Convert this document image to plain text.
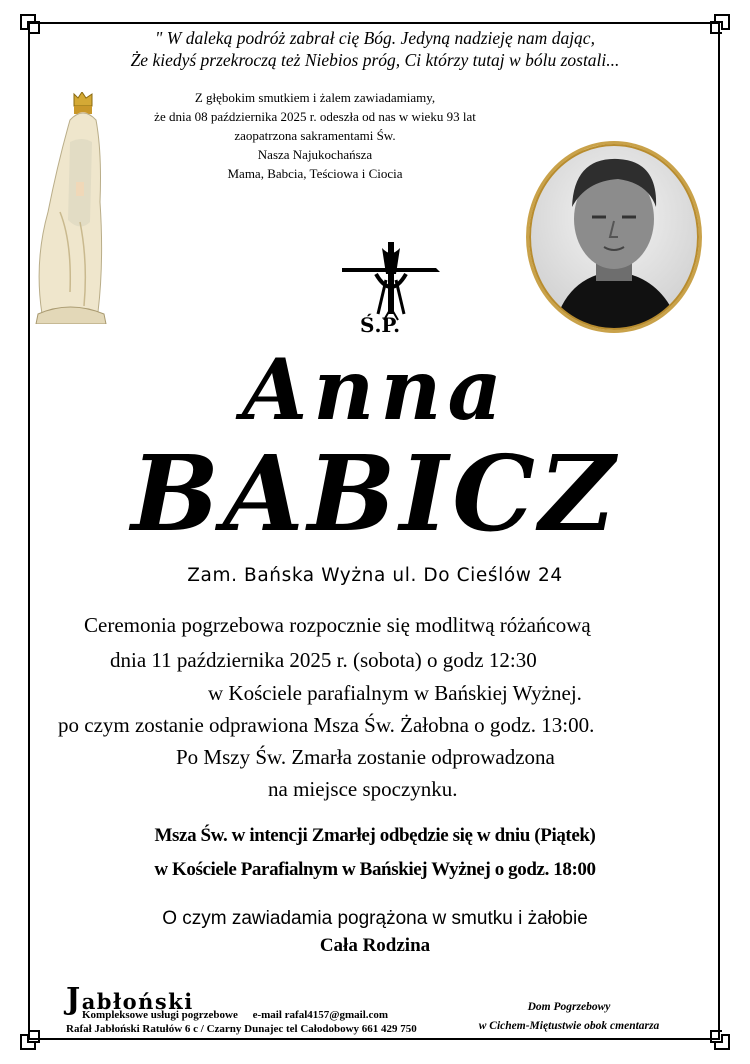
" W daleką podróż zabrał cię Bóg. Jedyną nadzieję nam dając,
Że kiedyś przekroczą też Niebios próg, Ci którzy tutaj w bólu zostali...
Z głębokim smutkiem i żalem zawiadamiamy,
że dnia 08 października 2025 r. odeszła od nas w wieku 93 lat
zaopatrzona sakramentami Św.
Nasza Najukochańsza
Mama, Babcia, Teściowa i Ciocia
Ś.P.
Anna
BABICZ
Zam. Bańska Wyżna ul. Do Cieślów 24
Ceremonia pogrzebowa rozpocznie się modlitwą różańcową
dnia 11 października 2025 r. (sobota) o godz 12:30
w Kościele parafialnym w Bańskiej Wyżnej.
po czym zostanie odprawiona Msza Św. Żałobna o godz. 13:00.
Po Mszy Św. Zmarła zostanie odprowadzona
na miejsce spoczynku.
Msza Św. w intencji Zmarłej odbędzie się w dniu (Piątek)
w Kościele Parafialnym w Bańskiej Wyżnej o godz. 18:00
O czym zawiadamia pogrążona w smutku i żałobie
Cała Rodzina
Jabłoński
Kompleksowe usługi pogrzebowe e-mail rafal4157@gmail.com
Rafał Jabłoński Ratułów 6 c / Czarny Dunajec tel Całodobowy 661 429 750
Dom Pogrzebowy
w Cichem-Miętustwie obok cmentarza
